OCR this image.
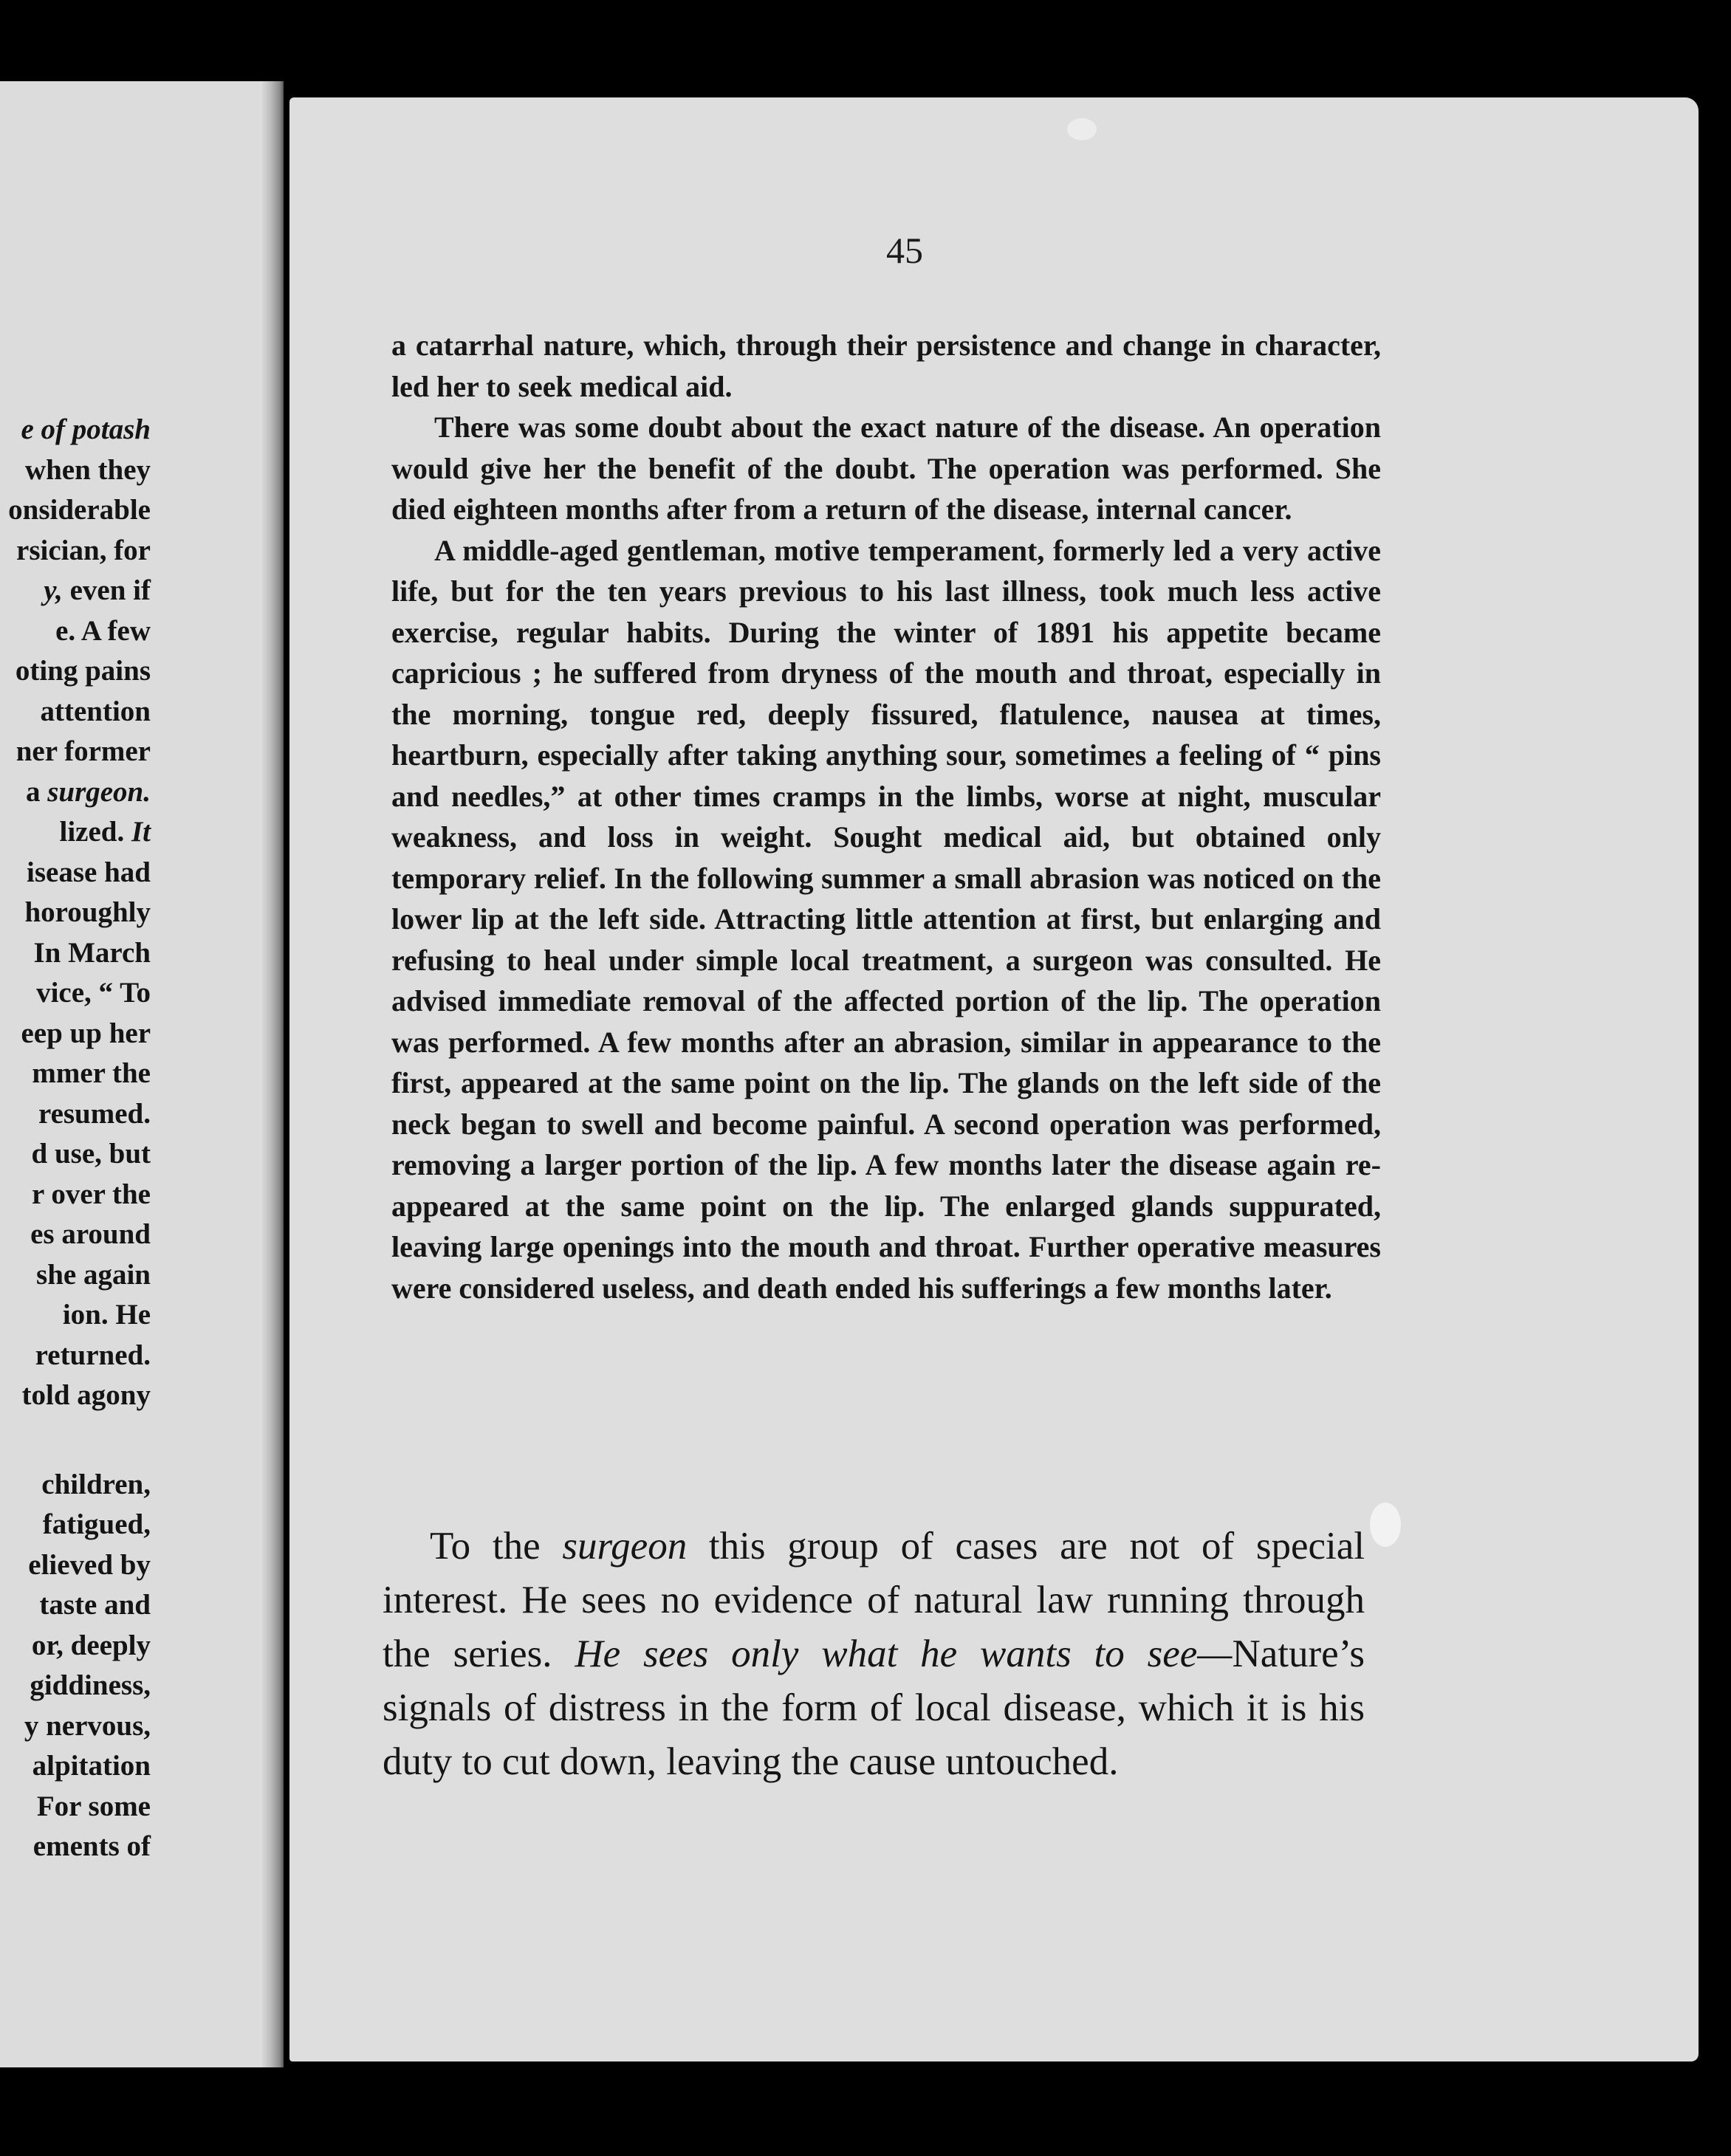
e of potash
when they
onsiderable
rsician, for
y, even if
e. A few
oting pains
attention
ner former
a surgeon.
lized. It
isease had
horoughly
In March
vice, “ To
eep up her
mmer the
resumed.
d use, but
r over the
es around
she again
ion. He
returned.
told agony
children,
fatigued,
elieved by
taste and
or, deeply
giddiness,
y nervous,
alpitation
For some
ements of
45

a catarrhal nature, which, through their persistence and change in character, led her to seek medical aid.

There was some doubt about the exact nature of the disease. An operation would give her the benefit of the doubt. The operation was performed. She died eighteen months after from a return of the disease, internal cancer.

A middle-aged gentleman, motive temperament, formerly led a very active life, but for the ten years previous to his last illness, took much less active exercise, regular habits. During the winter of 1891 his appetite became capricious ; he suffered from dryness of the mouth and throat, especially in the morning, tongue red, deeply fissured, flatulence, nausea at times, heartburn, especially after taking anything sour, sometimes a feeling of “ pins and needles,” at other times cramps in the limbs, worse at night, muscular weakness, and loss in weight. Sought medical aid, but obtained only temporary relief. In the following summer a small abrasion was noticed on the lower lip at the left side. Attracting little attention at first, but enlarging and refusing to heal under simple local treatment, a surgeon was consulted. He advised immediate removal of the affected portion of the lip. The operation was performed. A few months after an abrasion, similar in appearance to the first, appeared at the same point on the lip. The glands on the left side of the neck began to swell and become painful. A second operation was performed, removing a larger portion of the lip. A few months later the disease again re-appeared at the same point on the lip. The enlarged glands suppurated, leaving large openings into the mouth and throat. Further operative measures were considered useless, and death ended his sufferings a few months later.

To the surgeon this group of cases are not of special interest. He sees no evidence of natural law running through the series. He sees only what he wants to see—Nature’s signals of distress in the form of local disease, which it is his duty to cut down, leaving the cause untouched.
